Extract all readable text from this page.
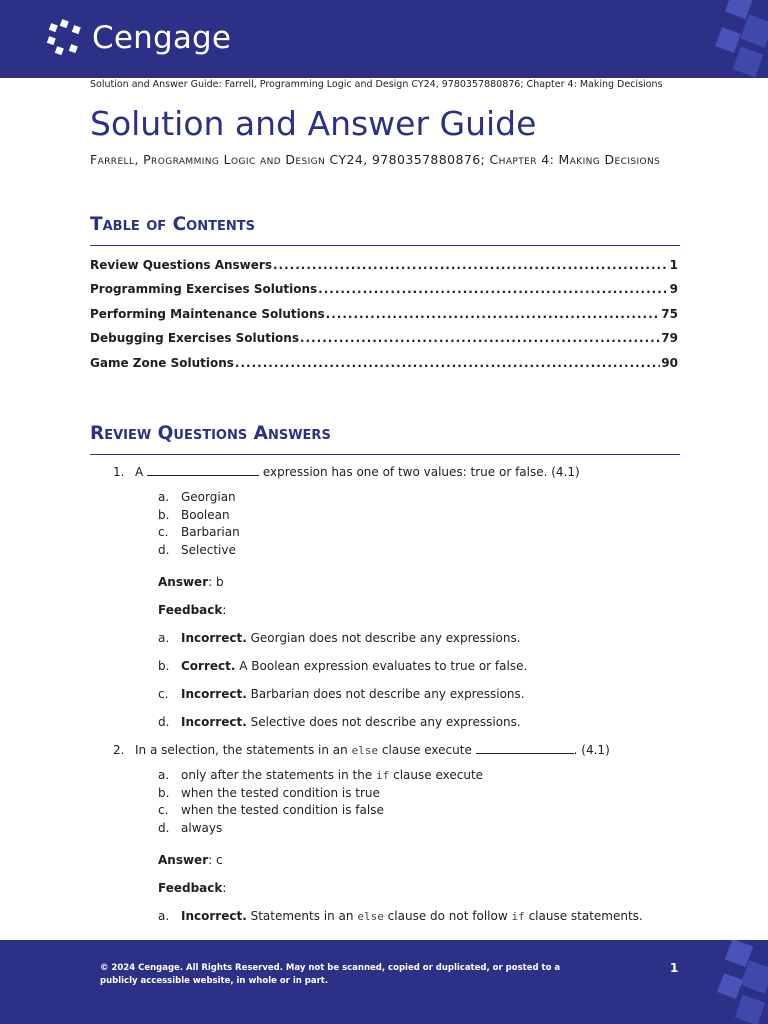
Cengage
Solution and Answer Guide: Farrell, Programming Logic and Design CY24, 9780357880876; Chapter 4: Making Decisions
Solution and Answer Guide
Farrell, Programming Logic and Design CY24, 9780357880876; Chapter 4: Making Decisions
Table of Contents
Review Questions Answers .....	1
Programming Exercises Solutions .....	9
Performing Maintenance Solutions .....	75
Debugging Exercises Solutions .....	79
Game Zone Solutions .....	90
Review Questions Answers
1. A	expression has one of two values: true or false. (4.1)
a. Georgian
b. Boolean
c. Barbarian
d. Selective
Answer: b
Feedback:
a. Incorrect. Georgian does not describe any expressions.
b. Correct. A Boolean expression evaluates to true or false.
c. Incorrect. Barbarian does not describe any expressions.
d. Incorrect. Selective does not describe any expressions.
2. In a selection, the statements in an else clause execute	. (4.1)
a. only after the statements in the if clause execute
b. when the tested condition is true
c. when the tested condition is false
d. always
Answer: c
Feedback:
a. Incorrect. Statements in an else clause do not follow if clause statements.
© 2024 Cengage. All Rights Reserved. May not be scanned, copied or duplicated, or posted to a publicly accessible website, in whole or in part.
1
